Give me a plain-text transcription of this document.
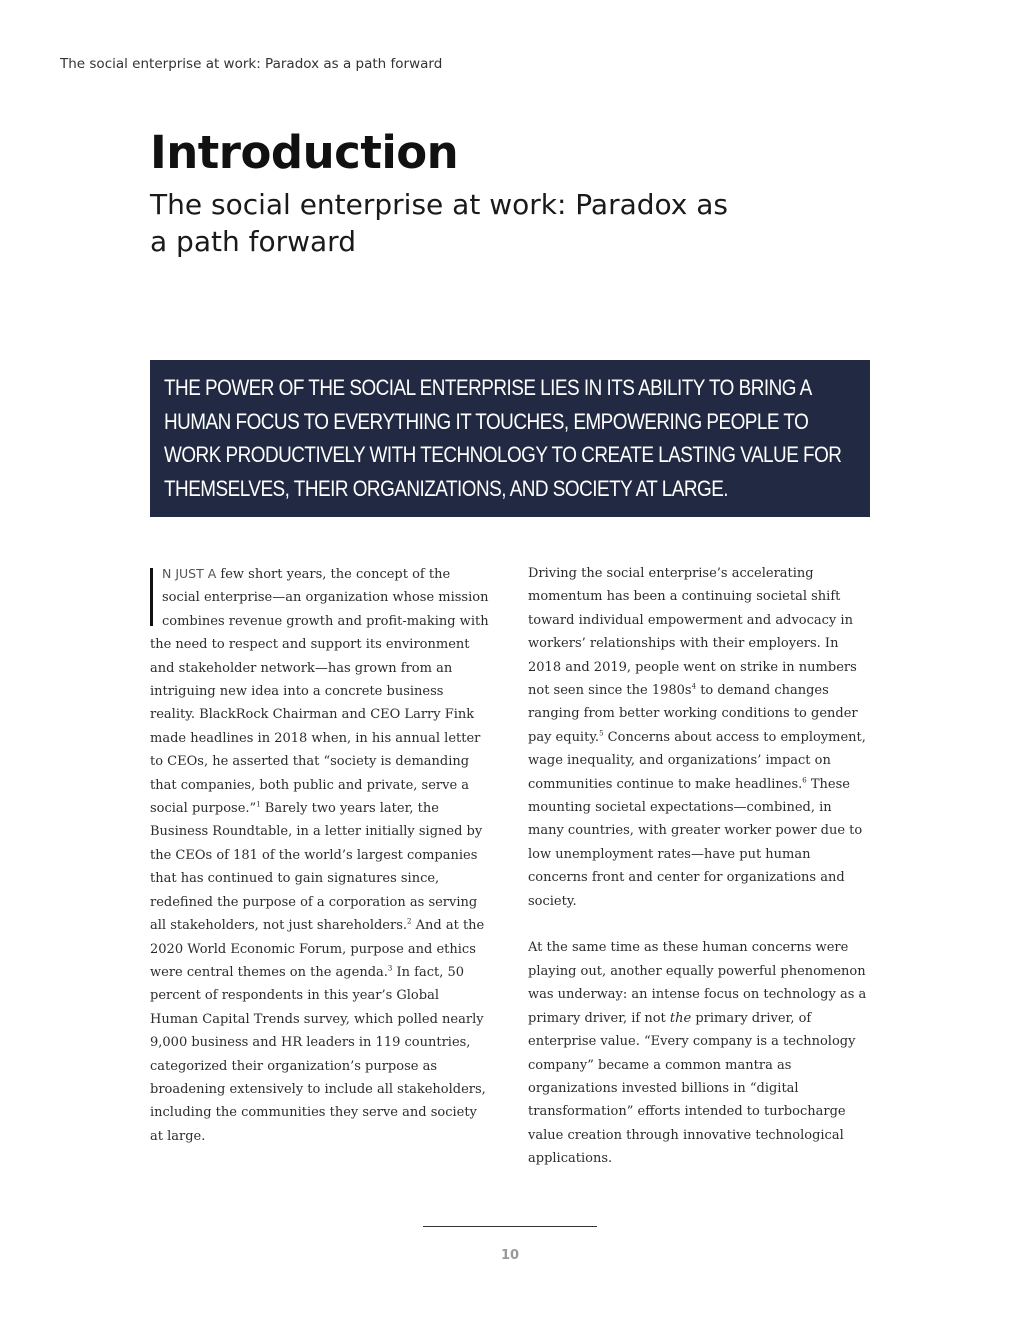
The social enterprise at work: Paradox as a path forward
Introduction
The social enterprise at work: Paradox as a path forward
THE POWER OF THE SOCIAL ENTERPRISE LIES IN ITS ABILITY TO BRING A HUMAN FOCUS TO EVERYTHING IT TOUCHES, EMPOWERING PEOPLE TO WORK PRODUCTIVELY WITH TECHNOLOGY TO CREATE LASTING VALUE FOR THEMSELVES, THEIR ORGANIZATIONS, AND SOCIETY AT LARGE.

N JUST A few short years, the concept of the social enterprise—an organization whose mission combines revenue growth and profit-making with the need to respect and support its environment and stakeholder network—has grown from an intriguing new idea into a concrete business reality. BlackRock Chairman and CEO Larry Fink made headlines in 2018 when, in his annual letter to CEOs, he asserted that “society is demanding that companies, both public and private, serve a social purpose.”$^1$ Barely two years later, the Business Roundtable, in a letter initially signed by the CEOs of 181 of the world’s largest companies that has continued to gain signatures since, redefined the purpose of a corporation as serving all stakeholders, not just shareholders.$^2$ And at the 2020 World Economic Forum, purpose and ethics were central themes on the agenda.$^3$ In fact, 50 percent of respondents in this year’s Global Human Capital Trends survey, which polled nearly 9,000 business and HR leaders in 119 countries, categorized their organization’s purpose as broadening extensively to include all stakeholders, including the communities they serve and society at large.

Driving the social enterprise’s accelerating momentum has been a continuing societal shift toward individual empowerment and advocacy in workers’ relationships with their employers. In 2018 and 2019, people went on strike in numbers not seen since the $1980s^4$ to demand changes ranging from better working conditions to gender pay equity.$^5$ Concerns about access to employment, wage inequality, and organizations’ impact on communities continue to make headlines.$^6$ These mounting societal expectations—combined, in many countries, with greater worker power due to low unemployment rates—have put human concerns front and center for organizations and society.

At the same time as these human concerns were playing out, another equally powerful phenomenon was underway: an intense focus on technology as a primary driver, if not the primary driver, of enterprise value. “Every company is a technology company” became a common mantra as organizations invested billions in “digital transformation” efforts intended to turbocharge value creation through innovative technological applications.

10
